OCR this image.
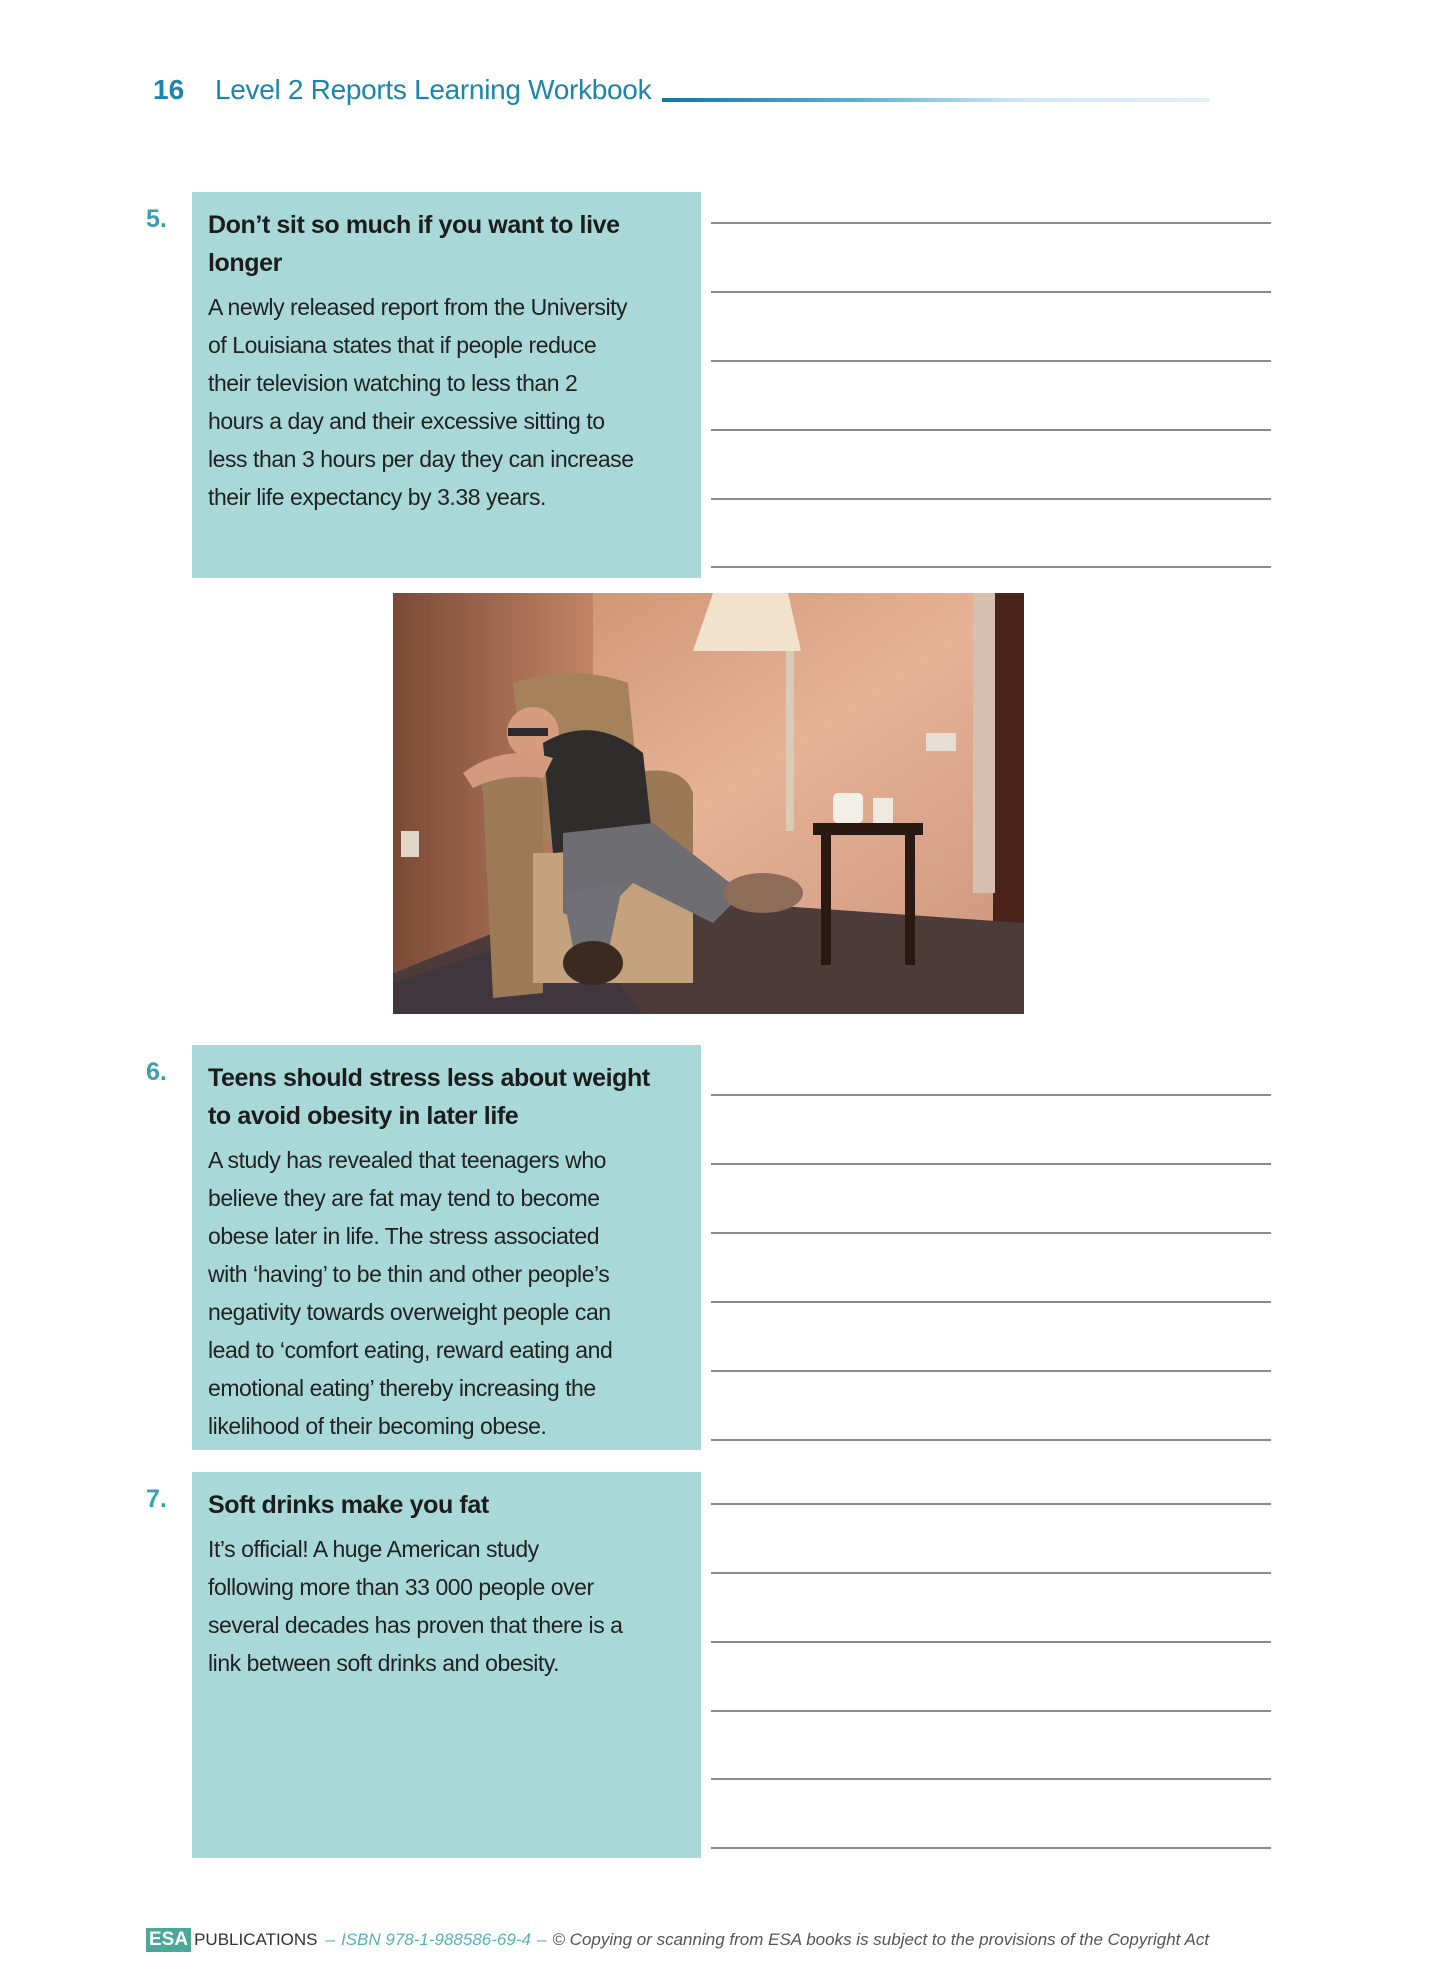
16 Level 2 Reports Learning Workbook
5. Don’t sit so much if you want to live
longer
A newly released report from the University
of Louisiana states that if people reduce
their television watching to less than 2
hours a day and their excessive sitting to
less than 3 hours per day they can increase
their life expectancy by 3.38 years.
6. Teens should stress less about weight
to avoid obesity in later life
A study has revealed that teenagers who
believe they are fat may tend to become
obese later in life. The stress associated
with ‘having’ to be thin and other people’s
negativity towards overweight people can
lead to ‘comfort eating, reward eating and
emotional eating’ thereby increasing the
likelihood of their becoming obese.
7. Soft drinks make you fat
It’s official! A huge American study
following more than 33 000 people over
several decades has proven that there is a
link between soft drinks and obesity.
ESA PUBLICATIONS – ISBN 978-1-988586-69-4 – © Copying or scanning from ESA books is subject to the provisions of the Copyright Act
